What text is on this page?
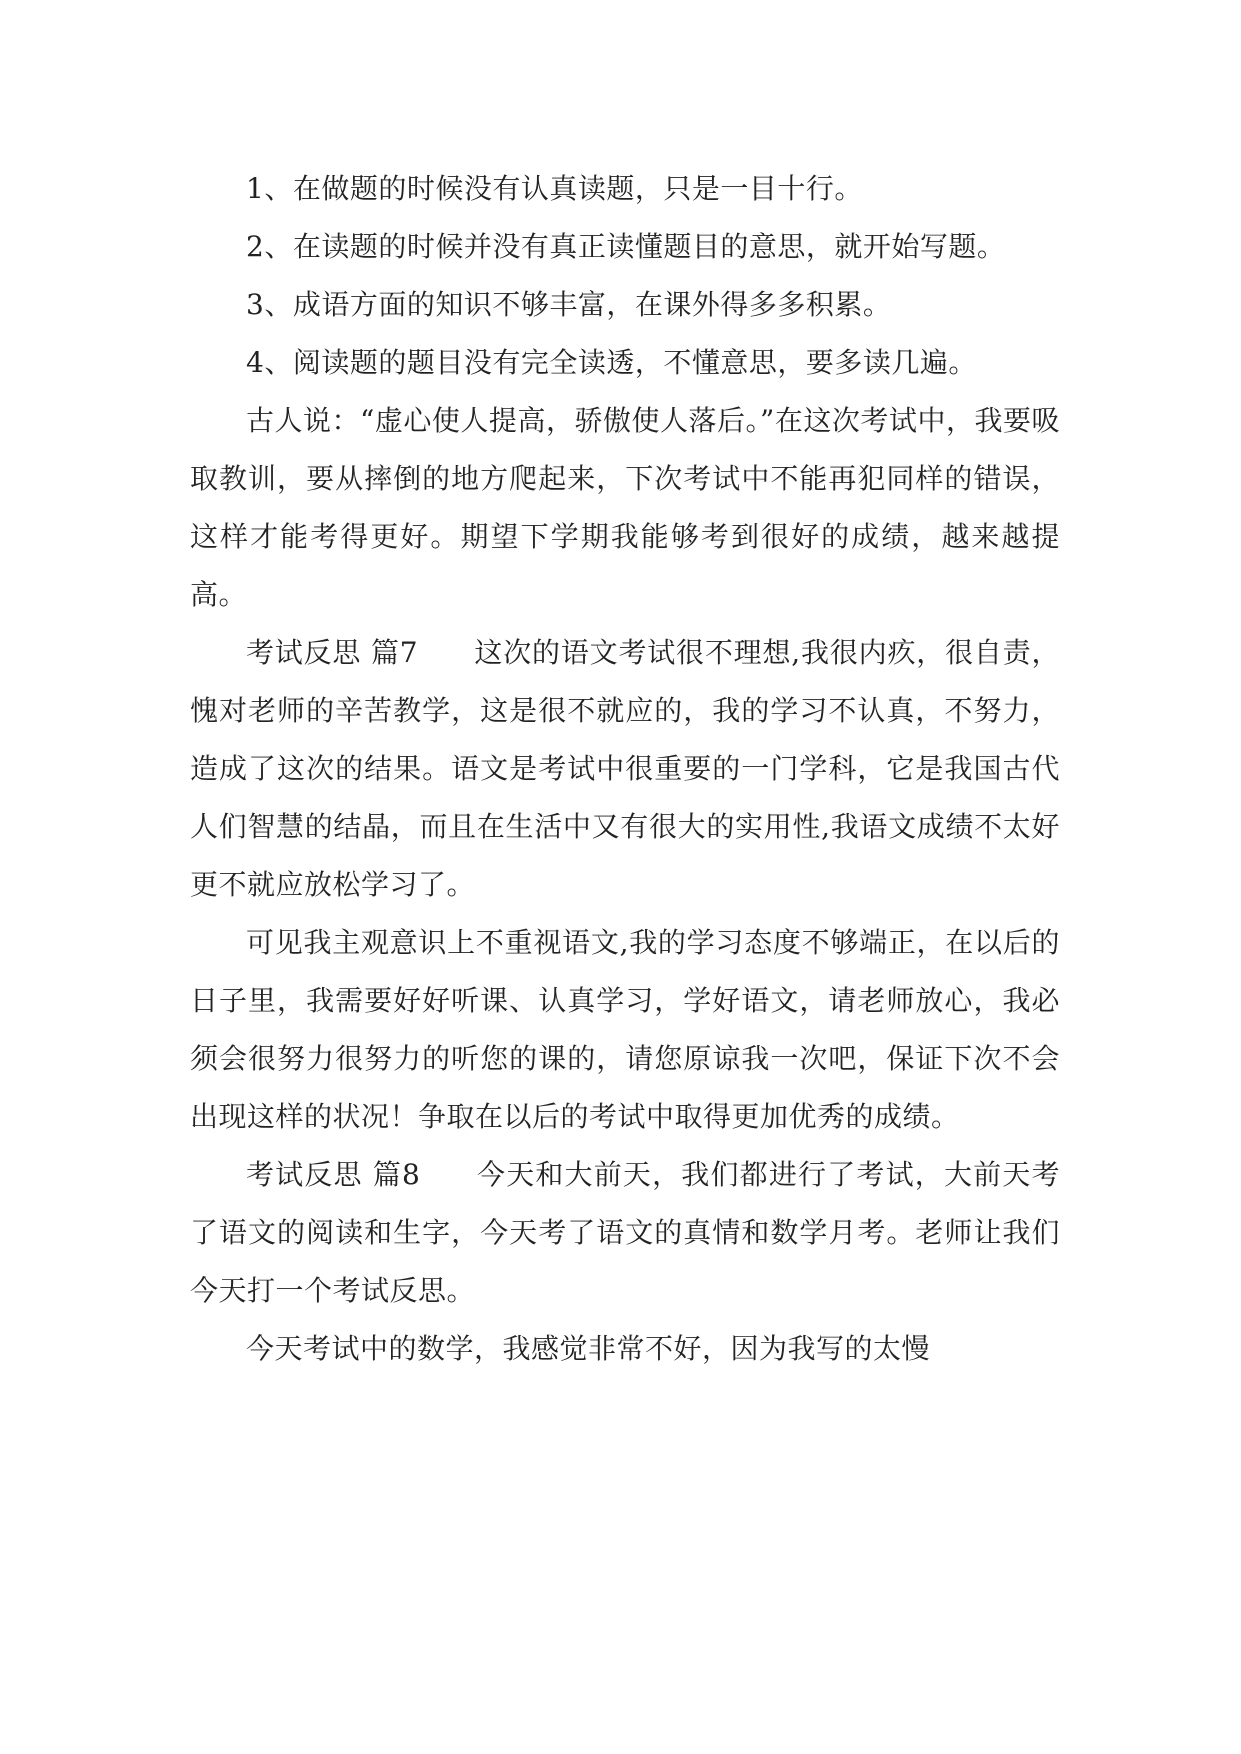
1、在做题的时候没有认真读题，只是一目十行。

2、在读题的时候并没有真正读懂题目的意思，就开始写题。

3、成语方面的知识不够丰富，在课外得多多积累。

4、阅读题的题目没有完全读透，不懂意思，要多读几遍。

古人说：“虚心使人提高，骄傲使人落后。”在这次考试中，我要吸取教训，要从摔倒的地方爬起来，下次考试中不能再犯同样的错误，这样才能考得更好。期望下学期我能够考到很好的成绩，越来越提高。

考试反思 篇7 这次的语文考试很不理想,我很内疚，很自责，愧对老师的辛苦教学，这是很不就应的，我的学习不认真，不努力，造成了这次的结果。语文是考试中很重要的一门学科，它是我国古代人们智慧的结晶，而且在生活中又有很大的实用性,我语文成绩不太好更不就应放松学习了。

可见我主观意识上不重视语文,我的学习态度不够端正，在以后的日子里，我需要好好听课、认真学习，学好语文，请老师放心，我必须会很努力很努力的听您的课的，请您原谅我一次吧，保证下次不会出现这样的状况！争取在以后的考试中取得更加优秀的成绩。

考试反思 篇8 今天和大前天，我们都进行了考试，大前天考了语文的阅读和生字，今天考了语文的真情和数学月考。老师让我们今天打一个考试反思。

今天考试中的数学，我感觉非常不好，因为我写的太慢
